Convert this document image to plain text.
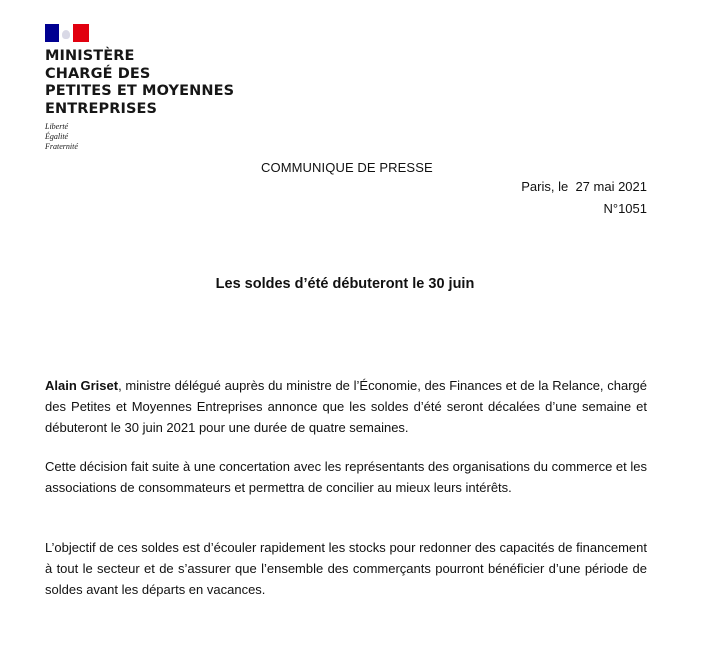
MINISTÈRE
CHARGÉ DES
PETITES ET MOYENNES
ENTREPRISES
Liberté
Égalité
Fraternité
COMMUNIQUE DE PRESSE
Paris, le  27 mai 2021
N°1051
Les soldes d’été débuteront le 30 juin
Alain Griset, ministre délégué auprès du ministre de l’Économie, des Finances et de la Relance, chargé des Petites et Moyennes Entreprises annonce que les soldes d’été seront décalées d’une semaine et débuteront le 30 juin 2021 pour une durée de quatre semaines.
Cette décision fait suite à une concertation avec les représentants des organisations du commerce et les associations de consommateurs et permettra de concilier au mieux leurs intérêts.
L’objectif de ces soldes est d’écouler rapidement les stocks pour redonner des capacités de financement à tout le secteur et de s’assurer que l’ensemble des commerçants pourront bénéficier d’une période de soldes avant les départs en vacances.
